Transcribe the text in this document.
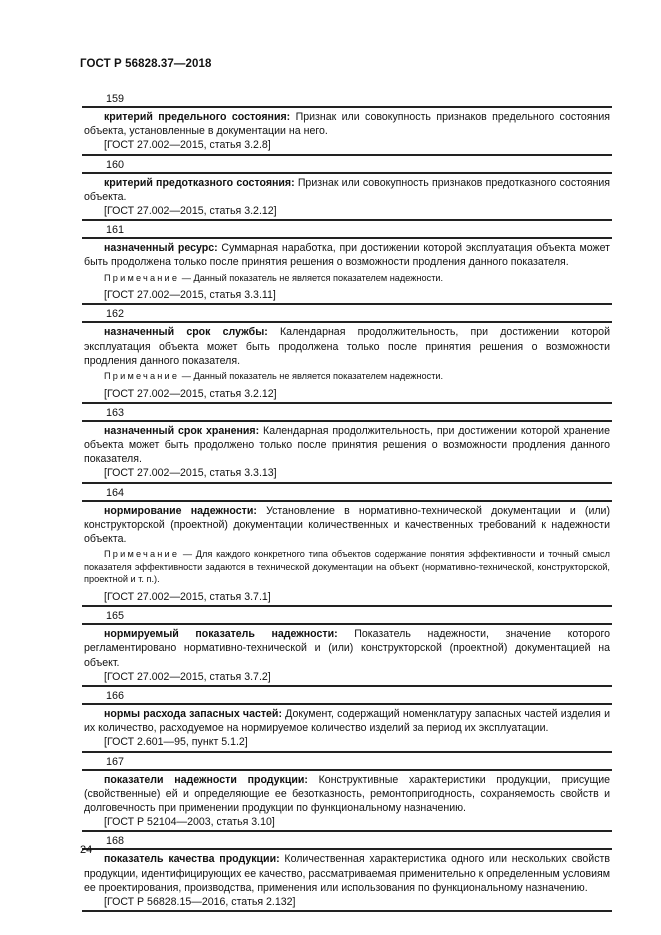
ГОСТ Р 56828.37—2018
159
критерий предельного состояния: Признак или совокупность признаков предельного состояния объекта, установленные в документации на него.
[ГОСТ 27.002—2015, статья 3.2.8]
160
критерий предотказного состояния: Признак или совокупность признаков предотказного состояния объекта.
[ГОСТ 27.002—2015, статья 3.2.12]
161
назначенный ресурс: Суммарная наработка, при достижении которой эксплуатация объекта может быть продолжена только после принятия решения о возможности продления данного показателя.
Примечание — Данный показатель не является показателем надежности.
[ГОСТ 27.002—2015, статья 3.3.11]
162
назначенный срок службы: Календарная продолжительность, при достижении которой эксплуатация объекта может быть продолжена только после принятия решения о возможности продления данного показателя.
Примечание — Данный показатель не является показателем надежности.
[ГОСТ 27.002—2015, статья 3.2.12]
163
назначенный срок хранения: Календарная продолжительность, при достижении которой хранение объекта может быть продолжено только после принятия решения о возможности продления данного показателя.
[ГОСТ 27.002—2015, статья 3.3.13]
164
нормирование надежности: Установление в нормативно-технической документации и (или) конструкторской (проектной) документации количественных и качественных требований к надежности объекта.
Примечание — Для каждого конкретного типа объектов содержание понятия эффективности и точный смысл показателя эффективности задаются в технической документации на объект (нормативно-технической, конструкторской, проектной и т. п.).
[ГОСТ 27.002—2015, статья 3.7.1]
165
нормируемый показатель надежности: Показатель надежности, значение которого регламентировано нормативно-технической и (или) конструкторской (проектной) документацией на объект.
[ГОСТ 27.002—2015, статья 3.7.2]
166
нормы расхода запасных частей: Документ, содержащий номенклатуру запасных частей изделия и их количество, расходуемое на нормируемое количество изделий за период их эксплуатации.
[ГОСТ 2.601—95, пункт 5.1.2]
167
показатели надежности продукции: Конструктивные характеристики продукции, присущие (свойственные) ей и определяющие ее безотказность, ремонтопригодность, сохраняемость свойств и долговечность при применении продукции по функциональному назначению.
[ГОСТ Р 52104—2003, статья 3.10]
168
показатель качества продукции: Количественная характеристика одного или нескольких свойств продукции, идентифицирующих ее качество, рассматриваемая применительно к определенным условиям ее проектирования, производства, применения или использования по функциональному назначению.
[ГОСТ Р 56828.15—2016, статья 2.132]
24
